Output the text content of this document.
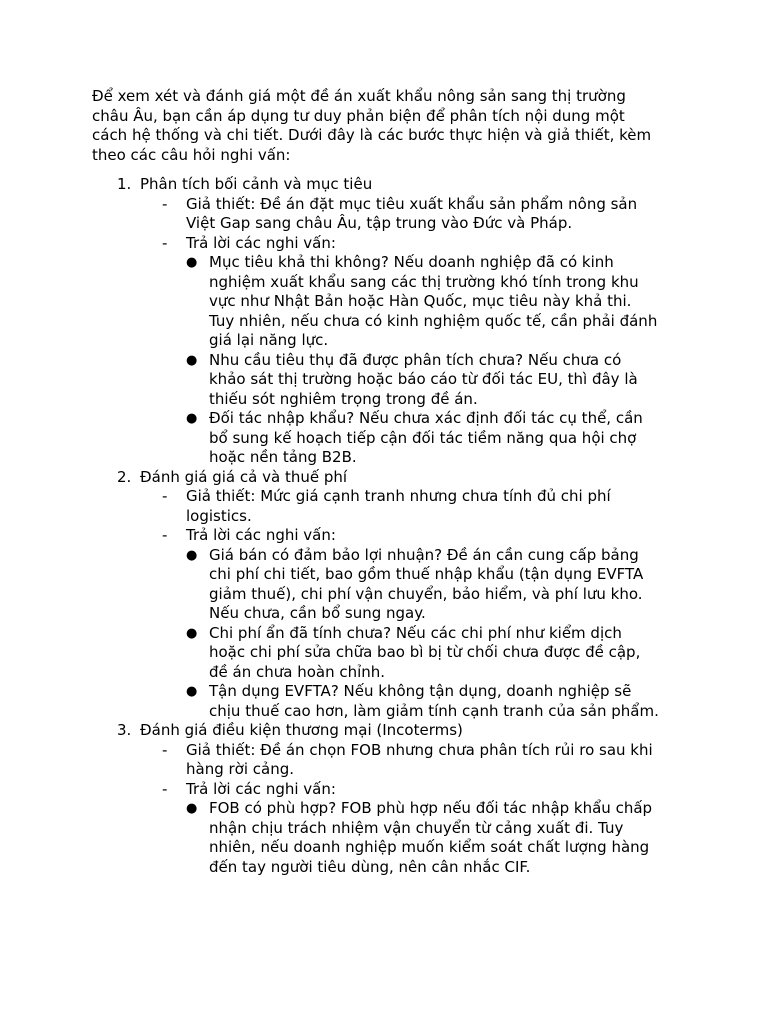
Để xem xét và đánh giá một đề án xuất khẩu nông sản sang thị trường
châu Âu, bạn cần áp dụng tư duy phản biện để phân tích nội dung một
cách hệ thống và chi tiết. Dưới đây là các bước thực hiện và giả thiết, kèm
theo các câu hỏi nghi vấn:

1. Phân tích bối cảnh và mục tiêu
- Giả thiết: Đề án đặt mục tiêu xuất khẩu sản phẩm nông sản
Việt Gap sang châu Âu, tập trung vào Đức và Pháp.
- Trả lời các nghi vấn:
● Mục tiêu khả thi không? Nếu doanh nghiệp đã có kinh
nghiệm xuất khẩu sang các thị trường khó tính trong khu
vực như Nhật Bản hoặc Hàn Quốc, mục tiêu này khả thi.
Tuy nhiên, nếu chưa có kinh nghiệm quốc tế, cần phải đánh
giá lại năng lực.
● Nhu cầu tiêu thụ đã được phân tích chưa? Nếu chưa có
khảo sát thị trường hoặc báo cáo từ đối tác EU, thì đây là
thiếu sót nghiêm trọng trong đề án.
● Đối tác nhập khẩu? Nếu chưa xác định đối tác cụ thể, cần
bổ sung kế hoạch tiếp cận đối tác tiềm năng qua hội chợ
hoặc nền tảng B2B.
2. Đánh giá giá cả và thuế phí
- Giả thiết: Mức giá cạnh tranh nhưng chưa tính đủ chi phí
logistics.
- Trả lời các nghi vấn:
● Giá bán có đảm bảo lợi nhuận? Đề án cần cung cấp bảng
chi phí chi tiết, bao gồm thuế nhập khẩu (tận dụng EVFTA
giảm thuế), chi phí vận chuyển, bảo hiểm, và phí lưu kho.
Nếu chưa, cần bổ sung ngay.
● Chi phí ẩn đã tính chưa? Nếu các chi phí như kiểm dịch
hoặc chi phí sửa chữa bao bì bị từ chối chưa được đề cập,
đề án chưa hoàn chỉnh.
● Tận dụng EVFTA? Nếu không tận dụng, doanh nghiệp sẽ
chịu thuế cao hơn, làm giảm tính cạnh tranh của sản phẩm.
3. Đánh giá điều kiện thương mại (Incoterms)
- Giả thiết: Đề án chọn FOB nhưng chưa phân tích rủi ro sau khi
hàng rời cảng.
- Trả lời các nghi vấn:
● FOB có phù hợp? FOB phù hợp nếu đối tác nhập khẩu chấp
nhận chịu trách nhiệm vận chuyển từ cảng xuất đi. Tuy
nhiên, nếu doanh nghiệp muốn kiểm soát chất lượng hàng
đến tay người tiêu dùng, nên cân nhắc CIF.
